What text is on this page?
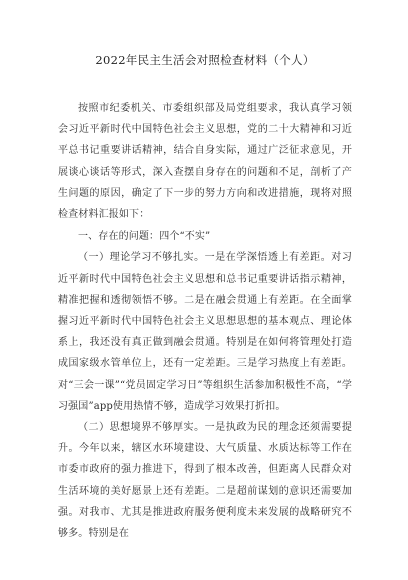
2022年民主生活会对照检查材料（个人）

按照市纪委机关、市委组织部及局党组要求，我认真学习领会习近平新时代中国特色社会主义思想，党的二十大精神和习近平总书记重要讲话精神，结合自身实际，通过广泛征求意见，开展谈心谈话等形式，深入查摆自身存在的问题和不足，剖析了产生问题的原因，确定了下一步的努力方向和改进措施，现将对照检查材料汇报如下：

一、存在的问题：四个“不实”

（一）理论学习不够扎实。一是在学深悟透上有差距。对习近平新时代中国特色社会主义思想和总书记重要讲话指示精神，精准把握和透彻领悟不够。二是在融会贯通上有差距。在全面掌握习近平新时代中国特色社会主义思想思想的基本观点、理论体系上，我还没有真正做到融会贯通。特别是在如何将管理处打造成国家级水管单位上，还有一定差距。三是学习热度上有差距。对“三会一课”“党员固定学习日”等组织生活参加积极性不高，“学习强国”app使用热情不够，造成学习效果打折扣。

（二）思想境界不够厚实。一是执政为民的理念还须需要提升。今年以来，辖区水环境建设、大气质量、水质达标等工作在市委市政府的强力推进下，得到了根本改善，但距离人民群众对生活环境的美好愿景上还有差距。二是超前谋划的意识还需要加强。对我市、尤其是推进政府服务便利度未来发展的战略研究不够多。特别是在
